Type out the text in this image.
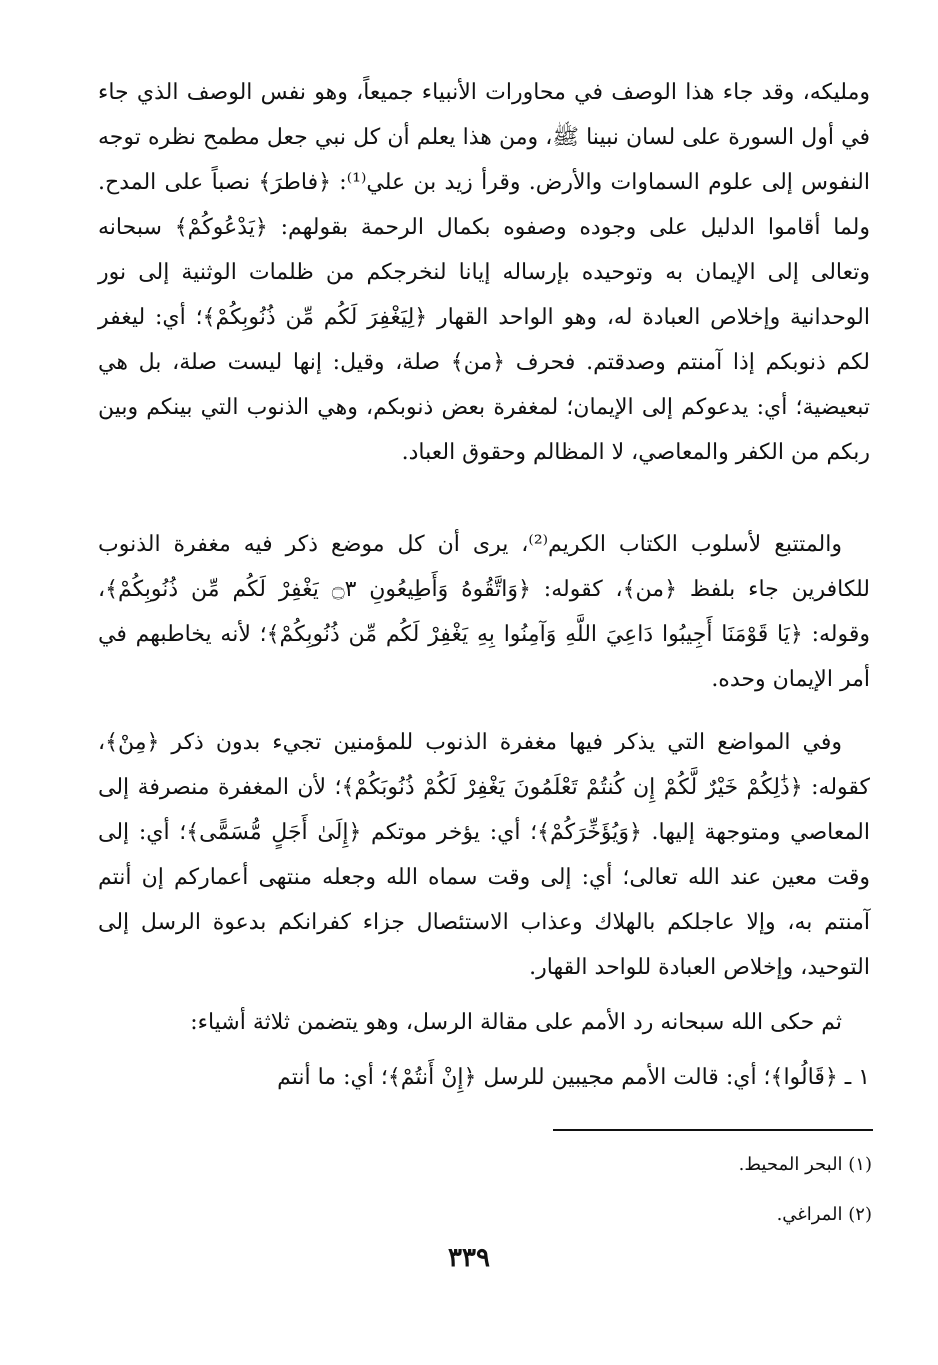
ومليكه، وقد جاء هذا الوصف في محاورات الأنبياء جميعاً، وهو نفس الوصف الذي جاء في أول السورة على لسان نبينا ﷺ، ومن هذا يعلم أن كل نبي جعل مطمح نظره توجه النفوس إلى علوم السماوات والأرض. وقرأ زيد بن علي⁽¹⁾: ﴿فاطرَ﴾ نصباً على المدح. ولما أقاموا الدليل على وجوده وصفوه بكمال الرحمة بقولهم: ﴿يَدْعُوكُمْ﴾ سبحانه وتعالى إلى الإيمان به وتوحيده بإرساله إيانا لنخرجكم من ظلمات الوثنية إلى نور الوحدانية وإخلاص العبادة له، وهو الواحد القهار ﴿لِيَغْفِرَ لَكُم مِّن ذُنُوبِكُمْ﴾؛ أي: ليغفر لكم ذنوبكم إذا آمنتم وصدقتم. فحرف ﴿من﴾ صلة، وقيل: إنها ليست صلة، بل هي تبعيضية؛ أي: يدعوكم إلى الإيمان؛ لمغفرة بعض ذنوبكم، وهي الذنوب التي بينكم وبين ربكم من الكفر والمعاصي، لا المظالم وحقوق العباد.

والمتتبع لأسلوب الكتاب الكريم⁽²⁾، يرى أن كل موضع ذكر فيه مغفرة الذنوب للكافرين جاء بلفظ ﴿من﴾، كقوله: ﴿وَاتَّقُوهُ وَأَطِيعُونِ ۝٣ يَغْفِرْ لَكُم مِّن ذُنُوبِكُمْ﴾، وقوله: ﴿يَا قَوْمَنَا أَجِيبُوا دَاعِيَ اللَّهِ وَآمِنُوا بِهِ يَغْفِرْ لَكُم مِّن ذُنُوبِكُمْ﴾؛ لأنه يخاطبهم في أمر الإيمان وحده.

وفي المواضع التي يذكر فيها مغفرة الذنوب للمؤمنين تجيء بدون ذكر ﴿مِنْ﴾، كقوله: ﴿ذَٰلِكُمْ خَيْرٌ لَّكُمْ إِن كُنتُمْ تَعْلَمُونَ يَغْفِرْ لَكُمْ ذُنُوبَكُمْ﴾؛ لأن المغفرة منصرفة إلى المعاصي ومتوجهة إليها. ﴿وَيُؤَخِّرَكُمْ﴾؛ أي: يؤخر موتكم ﴿إِلَىٰ أَجَلٍ مُّسَمًّى﴾؛ أي: إلى وقت معين عند الله تعالى؛ أي: إلى وقت سماه الله وجعله منتهى أعماركم إن أنتم آمنتم به، وإلا عاجلكم بالهلاك وعذاب الاستئصال جزاء كفرانكم بدعوة الرسل إلى التوحيد، وإخلاص العبادة للواحد القهار.

ثم حكى الله سبحانه رد الأمم على مقالة الرسل، وهو يتضمن ثلاثة أشياء:

١ ـ ﴿قَالُوا﴾؛ أي: قالت الأمم مجيبين للرسل ﴿إِنْ أَنتُمْ﴾؛ أي: ما أنتم

(١) البحر المحيط.
(٢) المراغي.
٣٣٩
